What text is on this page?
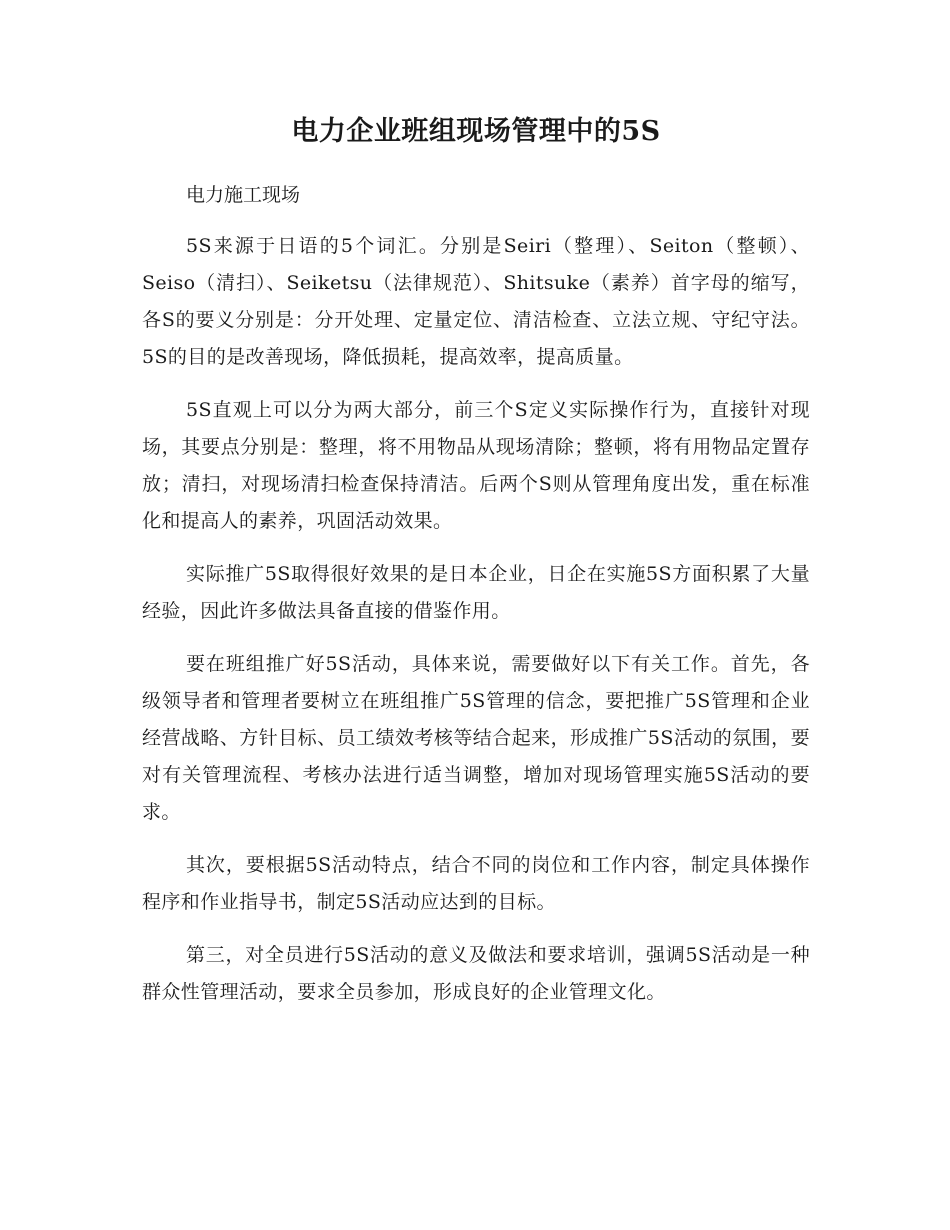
电力企业班组现场管理中的5S

电力施工现场

5S来源于日语的5个词汇。分别是Seiri（整理）、Seiton（整顿）、Seiso（清扫）、Seiketsu（法律规范）、Shitsuke（素养）首字母的缩写，各S的要义分别是：分开处理、定量定位、清洁检查、立法立规、守纪守法。5S的目的是改善现场，降低损耗，提高效率，提高质量。

5S直观上可以分为两大部分，前三个S定义实际操作行为，直接针对现场，其要点分别是：整理，将不用物品从现场清除；整顿，将有用物品定置存放；清扫，对现场清扫检查保持清洁。后两个S则从管理角度出发，重在标准化和提高人的素养，巩固活动效果。

实际推广5S取得很好效果的是日本企业，日企在实施5S方面积累了大量经验，因此许多做法具备直接的借鉴作用。

要在班组推广好5S活动，具体来说，需要做好以下有关工作。首先，各级领导者和管理者要树立在班组推广5S管理的信念，要把推广5S管理和企业经营战略、方针目标、员工绩效考核等结合起来，形成推广5S活动的氛围，要对有关管理流程、考核办法进行适当调整，增加对现场管理实施5S活动的要求。

其次，要根据5S活动特点，结合不同的岗位和工作内容，制定具体操作程序和作业指导书，制定5S活动应达到的目标。

第三，对全员进行5S活动的意义及做法和要求培训，强调5S活动是一种群众性管理活动，要求全员参加，形成良好的企业管理文化。
